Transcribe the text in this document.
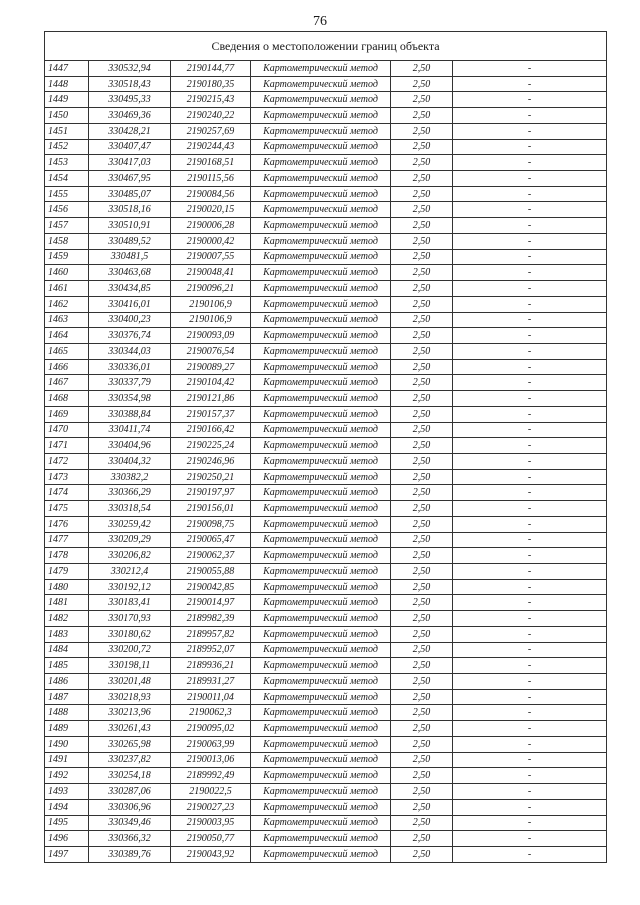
76

Сведения о местоположении границ объекта					
1447	330532,94	2190144,77	Картометрический метод	2,50	-
1448	330518,43	2190180,35	Картометрический метод	2,50	-
1449	330495,33	2190215,43	Картометрический метод	2,50	-
1450	330469,36	2190240,22	Картометрический метод	2,50	-
1451	330428,21	2190257,69	Картометрический метод	2,50	-
1452	330407,47	2190244,43	Картометрический метод	2,50	-
1453	330417,03	2190168,51	Картометрический метод	2,50	-
1454	330467,95	2190115,56	Картометрический метод	2,50	-
1455	330485,07	2190084,56	Картометрический метод	2,50	-
1456	330518,16	2190020,15	Картометрический метод	2,50	-
1457	330510,91	2190006,28	Картометрический метод	2,50	-
1458	330489,52	2190000,42	Картометрический метод	2,50	-
1459	330481,5	2190007,55	Картометрический метод	2,50	-
1460	330463,68	2190048,41	Картометрический метод	2,50	-
1461	330434,85	2190096,21	Картометрический метод	2,50	-
1462	330416,01	2190106,9	Картометрический метод	2,50	-
1463	330400,23	2190106,9	Картометрический метод	2,50	-
1464	330376,74	2190093,09	Картометрический метод	2,50	-
1465	330344,03	2190076,54	Картометрический метод	2,50	-
1466	330336,01	2190089,27	Картометрический метод	2,50	-
1467	330337,79	2190104,42	Картометрический метод	2,50	-
1468	330354,98	2190121,86	Картометрический метод	2,50	-
1469	330388,84	2190157,37	Картометрический метод	2,50	-
1470	330411,74	2190166,42	Картометрический метод	2,50	-
1471	330404,96	2190225,24	Картометрический метод	2,50	-
1472	330404,32	2190246,96	Картометрический метод	2,50	-
1473	330382,2	2190250,21	Картометрический метод	2,50	-
1474	330366,29	2190197,97	Картометрический метод	2,50	-
1475	330318,54	2190156,01	Картометрический метод	2,50	-
1476	330259,42	2190098,75	Картометрический метод	2,50	-
1477	330209,29	2190065,47	Картометрический метод	2,50	-
1478	330206,82	2190062,37	Картометрический метод	2,50	-
1479	330212,4	2190055,88	Картометрический метод	2,50	-
1480	330192,12	2190042,85	Картометрический метод	2,50	-
1481	330183,41	2190014,97	Картометрический метод	2,50	-
1482	330170,93	2189982,39	Картометрический метод	2,50	-
1483	330180,62	2189957,82	Картометрический метод	2,50	-
1484	330200,72	2189952,07	Картометрический метод	2,50	-
1485	330198,11	2189936,21	Картометрический метод	2,50	-
1486	330201,48	2189931,27	Картометрический метод	2,50	-
1487	330218,93	2190011,04	Картометрический метод	2,50	-
1488	330213,96	2190062,3	Картометрический метод	2,50	-
1489	330261,43	2190095,02	Картометрический метод	2,50	-
1490	330265,98	2190063,99	Картометрический метод	2,50	-
1491	330237,82	2190013,06	Картометрический метод	2,50	-
1492	330254,18	2189992,49	Картометрический метод	2,50	-
1493	330287,06	2190022,5	Картометрический метод	2,50	-
1494	330306,96	2190027,23	Картометрический метод	2,50	-
1495	330349,46	2190003,95	Картометрический метод	2,50	-
1496	330366,32	2190050,77	Картометрический метод	2,50	-
1497	330389,76	2190043,92	Картометрический метод	2,50	-
